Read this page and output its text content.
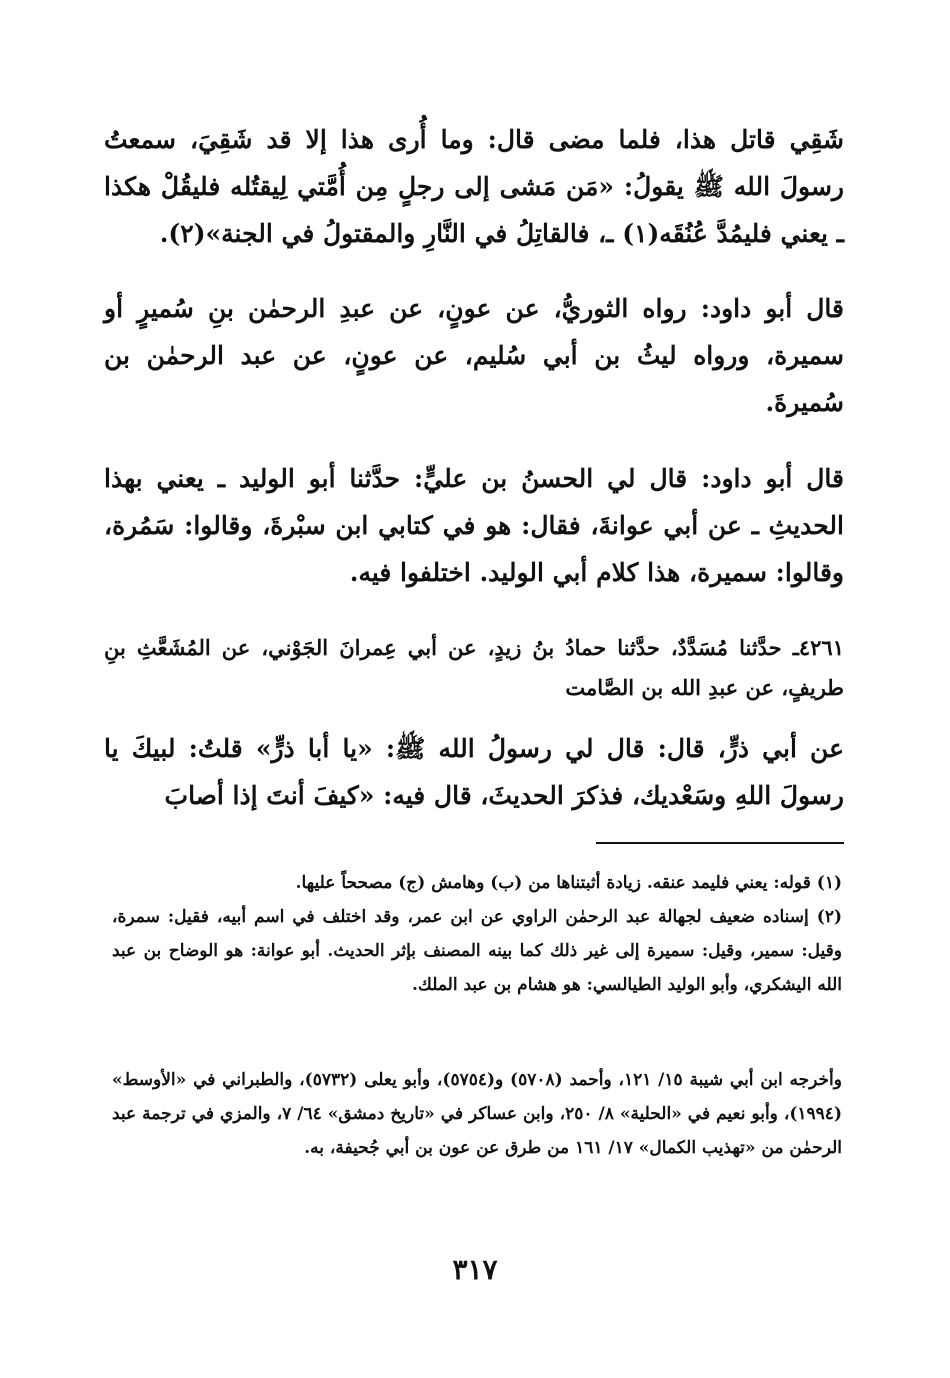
شَقِي قاتل هذا، فلما مضى قال: وما أُرى هذا إلا قد شَقِيَ، سمعتُ رسولَ الله ﷺ يقولُ: «مَن مَشى إلى رجلٍ مِن أُمَّتي لِيقتُله فليقُلْ هكذا ـ يعني فليمُدَّ عُنُقَه(١) ـ، فالقاتِلُ في النَّارِ والمقتولُ في الجنة»(٢).

قال أبو داود: رواه الثوريُّ، عن عونٍ، عن عبدِ الرحمٰن بنِ سُميرٍ أو سميرة، ورواه ليثُ بن أبي سُليم، عن عونٍ، عن عبد الرحمٰن بن سُميرةَ.

قال أبو داود: قال لي الحسنُ بن عليٍّ: حدَّثنا أبو الوليد ـ يعني بهذا الحديثِ ـ عن أبي عوانةَ، فقال: هو في كتابي ابن سبْرةَ، وقالوا: سَمُرة، وقالوا: سميرة، هذا كلام أبي الوليد. اختلفوا فيه.

٤٢٦١ـ حدَّثنا مُسَدَّدٌ، حدَّثنا حمادُ بنُ زيدٍ، عن أبي عِمرانَ الجَوْني، عن المُشَعَّثِ بنِ طريفٍ، عن عبدِ الله بن الصَّامت

عن أبي ذرٍّ، قال: قال لي رسولُ الله ﷺ: «يا أبا ذرٍّ» قلتُ: لبيكَ يا رسولَ اللهِ وسَعْديك، فذكرَ الحديثَ، قال فيه: «كيفَ أنتَ إذا أصابَ

(١) قوله: يعني فليمد عنقه. زيادة أثبتناها من (ب) وهامش (ج) مصححاً عليها.

(٢) إسناده ضعيف لجهالة عبد الرحمٰن الراوي عن ابن عمر، وقد اختلف في اسم أبيه، فقيل: سمرة، وقيل: سمير، وقيل: سميرة إلى غير ذلك كما بينه المصنف بإثر الحديث. أبو عوانة: هو الوضاح بن عبد الله اليشكري، وأبو الوليد الطيالسي: هو هشام بن عبد الملك.

وأخرجه ابن أبي شيبة ١٥/ ١٢١، وأحمد (٥٧٠٨) و(٥٧٥٤)، وأبو يعلى (٥٧٣٢)، والطبراني في «الأوسط» (١٩٩٤)، وأبو نعيم في «الحلية» ٨/ ٢٥٠، وابن عساكر في «تاريخ دمشق» ٦٤/ ٧، والمزي في ترجمة عبد الرحمٰن من «تهذيب الكمال» ١٧/ ١٦١ من طرق عن عون بن أبي جُحيفة، به.

٣١٧
